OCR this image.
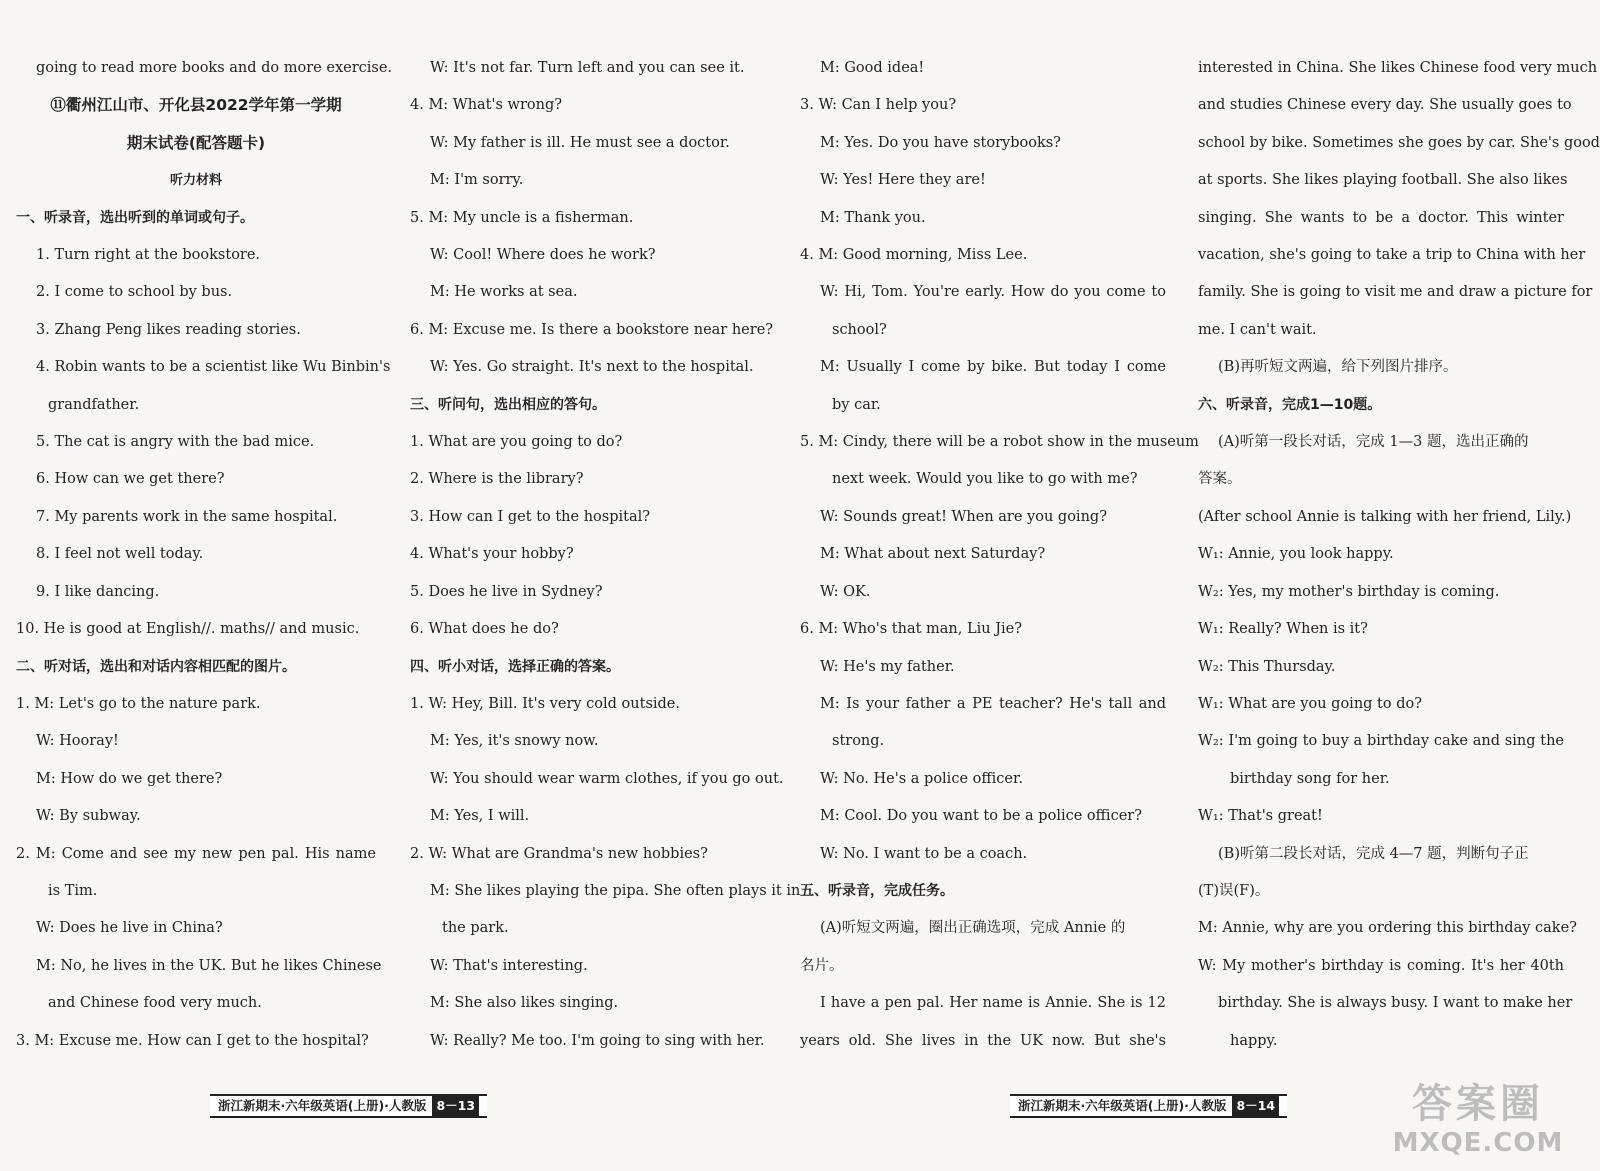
going to read more books and do more exercise.
⑪衢州江山市、开化县2022学年第一学期
期末试卷(配答题卡)
听力材料
一、听录音，选出听到的单词或句子。
1. Turn right at the bookstore.
2. I come to school by bus.
3. Zhang Peng likes reading stories.
4. Robin wants to be a scientist like Wu Binbin's
grandfather.
5. The cat is angry with the bad mice.
6. How can we get there?
7. My parents work in the same hospital.
8. I feel not well today.
9. I like dancing.
10. He is good at English//. maths// and music.
二、听对话，选出和对话内容相匹配的图片。
1. M: Let's go to the nature park.
W: Hooray!
M: How do we get there?
W: By subway.
2. M: Come and see my new pen pal. His name
is Tim.
W: Does he live in China?
M: No, he lives in the UK. But he likes Chinese
and Chinese food very much.
3. M: Excuse me. How can I get to the hospital?
W: It's not far. Turn left and you can see it.
4. M: What's wrong?
W: My father is ill. He must see a doctor.
M: I'm sorry.
5. M: My uncle is a fisherman.
W: Cool! Where does he work?
M: He works at sea.
6. M: Excuse me. Is there a bookstore near here?
W: Yes. Go straight. It's next to the hospital.
三、听问句，选出相应的答句。
1. What are you going to do?
2. Where is the library?
3. How can I get to the hospital?
4. What's your hobby?
5. Does he live in Sydney?
6. What does he do?
四、听小对话，选择正确的答案。
1. W: Hey, Bill. It's very cold outside.
M: Yes, it's snowy now.
W: You should wear warm clothes, if you go out.
M: Yes, I will.
2. W: What are Grandma's new hobbies?
M: She likes playing the pipa. She often plays it in
the park.
W: That's interesting.
M: She also likes singing.
W: Really? Me too. I'm going to sing with her.
M: Good idea!
3. W: Can I help you?
M: Yes. Do you have storybooks?
W: Yes! Here they are!
M: Thank you.
4. M: Good morning, Miss Lee.
W: Hi, Tom. You're early. How do you come to
school?
M: Usually I come by bike. But today I come
by car.
5. M: Cindy, there will be a robot show in the museum
next week. Would you like to go with me?
W: Sounds great! When are you going?
M: What about next Saturday?
W: OK.
6. M: Who's that man, Liu Jie?
W: He's my father.
M: Is your father a PE teacher? He's tall and
strong.
W: No. He's a police officer.
M: Cool. Do you want to be a police officer?
W: No. I want to be a coach.
五、听录音，完成任务。
(A)听短文两遍，圈出正确选项，完成 Annie 的
名片。
I have a pen pal. Her name is Annie. She is 12
years old. She lives in the UK now. But she's
interested in China. She likes Chinese food very much
and studies Chinese every day. She usually goes to
school by bike. Sometimes she goes by car. She's good
at sports. She likes playing football. She also likes
singing. She wants to be a doctor. This winter
vacation, she's going to take a trip to China with her
family. She is going to visit me and draw a picture for
me. I can't wait.
(B)再听短文两遍，给下列图片排序。
六、听录音，完成1—10题。
(A)听第一段长对话，完成 1—3 题，选出正确的
答案。
(After school Annie is talking with her friend, Lily.)
W₁: Annie, you look happy.
W₂: Yes, my mother's birthday is coming.
W₁: Really? When is it?
W₂: This Thursday.
W₁: What are you going to do?
W₂: I'm going to buy a birthday cake and sing the
birthday song for her.
W₁: That's great!
(B)听第二段长对话，完成 4—7 题，判断句子正
(T)误(F)。
M: Annie, why are you ordering this birthday cake?
W: My mother's birthday is coming. It's her 40th
birthday. She is always busy. I want to make her
happy.
浙江新期末·六年级英语(上册)·人教版 8－13	浙江新期末·六年级英语(上册)·人教版 8－14	答案圈
MXQE.COM
